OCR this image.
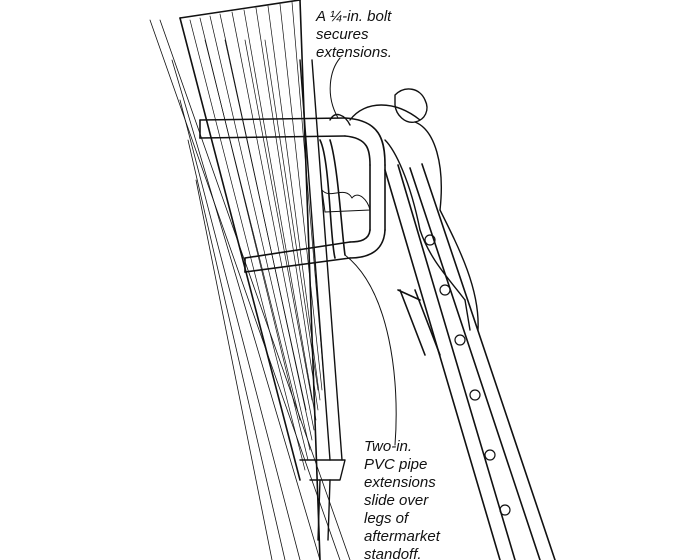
A ¼-in. bolt
secures
extensions.
Two-in.
PVC pipe
extensions
slide over
legs of
aftermarket
standoff.
